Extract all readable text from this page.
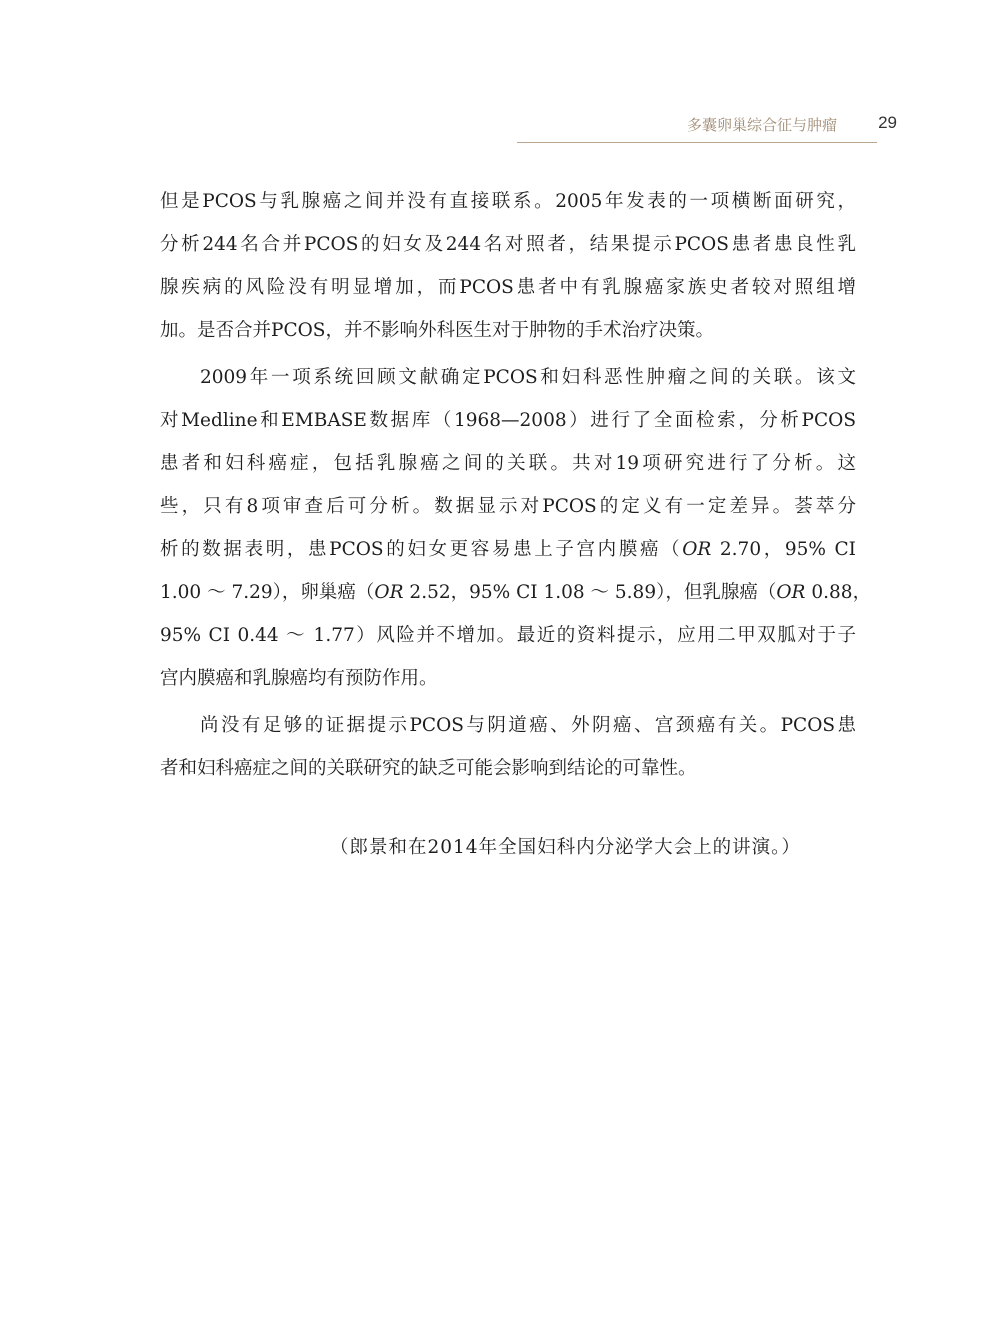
多囊卵巢综合征与肿瘤 29
但是PCOS与乳腺癌之间并没有直接联系。2005年发表的一项横断面研究，
分析244名合并PCOS的妇女及244名对照者，结果提示PCOS患者患良性乳
腺疾病的风险没有明显增加，而PCOS患者中有乳腺癌家族史者较对照组增
加。是否合并PCOS，并不影响外科医生对于肿物的手术治疗决策。
2009年一项系统回顾文献确定PCOS和妇科恶性肿瘤之间的关联。该文
对Medline和EMBASE数据库（1968—2008）进行了全面检索，分析PCOS
患者和妇科癌症，包括乳腺癌之间的关联。共对19项研究进行了分析。这
些，只有8项审查后可分析。数据显示对PCOS的定义有一定差异。荟萃分
析的数据表明，患PCOS的妇女更容易患上子宫内膜癌（OR 2.70，95% CI
1.00 ～ 7.29），卵巢癌（OR 2.52，95% CI 1.08 ～ 5.89），但乳腺癌（OR 0.88，
95% CI 0.44 ～ 1.77）风险并不增加。最近的资料提示，应用二甲双胍对于子
宫内膜癌和乳腺癌均有预防作用。
尚没有足够的证据提示PCOS与阴道癌、外阴癌、宫颈癌有关。PCOS患
者和妇科癌症之间的关联研究的缺乏可能会影响到结论的可靠性。
（郎景和在2014年全国妇科内分泌学大会上的讲演。）
